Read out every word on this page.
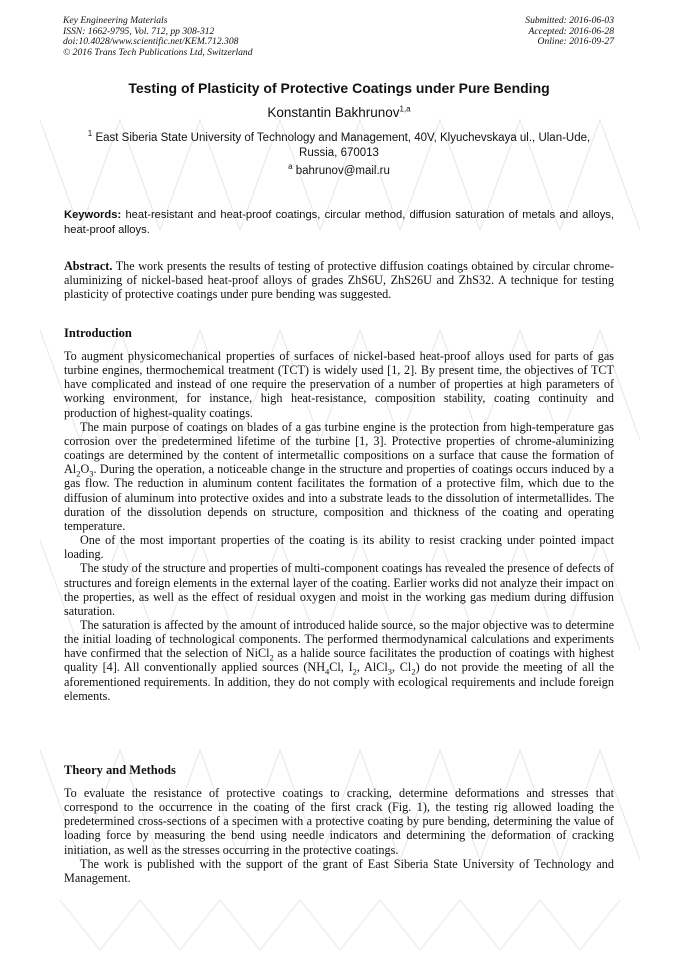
Key Engineering Materials
ISSN: 1662-9795, Vol. 712, pp 308-312
doi:10.4028/www.scientific.net/KEM.712.308
© 2016 Trans Tech Publications Ltd, Switzerland
Submitted: 2016-06-03
Accepted: 2016-06-28
Online: 2016-09-27
Testing of Plasticity of Protective Coatings under Pure Bending
Konstantin Bakhrunov$^{1,a}$
$^1$ East Siberia State University of Technology and Management, 40V, Klyuchevskaya ul., Ulan-Ude, Russia, 670013
$^a$ bahrunov@mail.ru
Keywords: heat-resistant and heat-proof coatings, circular method, diffusion saturation of metals and alloys, heat-proof alloys.

Abstract. The work presents the results of testing of protective diffusion coatings obtained by circular chrome-aluminizing of nickel-based heat-proof alloys of grades ZhS6U, ZhS26U and ZhS32. A technique for testing plasticity of protective coatings under pure bending was suggested.

Introduction

To augment physicomechanical properties of surfaces of nickel-based heat-proof alloys used for parts of gas turbine engines, thermochemical treatment (TCT) is widely used [1, 2]. By present time, the objectives of TCT have complicated and instead of one require the preservation of a number of properties at high parameters of working environment, for instance, high heat-resistance, composition stability, coating continuity and production of highest-quality coatings.

The main purpose of coatings on blades of a gas turbine engine is the protection from high-temperature gas corrosion over the predetermined lifetime of the turbine [1, 3]. Protective properties of chrome-aluminizing coatings are determined by the content of intermetallic compositions on a surface that cause the formation of $Al_2O_3$. During the operation, a noticeable change in the structure and properties of coatings occurs induced by a gas flow. The reduction in aluminum content facilitates the formation of a protective film, which due to the diffusion of aluminum into protective oxides and into a substrate leads to the dissolution of intermetallides. The duration of the dissolution depends on structure, composition and thickness of the coating and operating temperature.

One of the most important properties of the coating is its ability to resist cracking under pointed impact loading.

The study of the structure and properties of multi-component coatings has revealed the presence of defects of structures and foreign elements in the external layer of the coating. Earlier works did not analyze their impact on the properties, as well as the effect of residual oxygen and moist in the working gas medium during diffusion saturation.

The saturation is affected by the amount of introduced halide source, so the major objective was to determine the initial loading of technological components. The performed thermodynamical calculations and experiments have confirmed that the selection of NiCl$_2$ as a halide source facilitates the production of coatings with highest quality [4]. All conventionally applied sources ($NH_4Cl$, $I_2$, AlCl$_3$, $Cl_2$) do not provide the meeting of all the aforementioned requirements. In addition, they do not comply with ecological requirements and include foreign elements.

Theory and Methods

To evaluate the resistance of protective coatings to cracking, determine deformations and stresses that correspond to the occurrence in the coating of the first crack (Fig. 1), the testing rig allowed loading the predetermined cross-sections of a specimen with a protective coating by pure bending, determining the value of loading force by measuring the bend using needle indicators and determining the deformation of cracking initiation, as well as the stresses occurring in the protective coatings.

The work is published with the support of the grant of East Siberia State University of Technology and Management.
